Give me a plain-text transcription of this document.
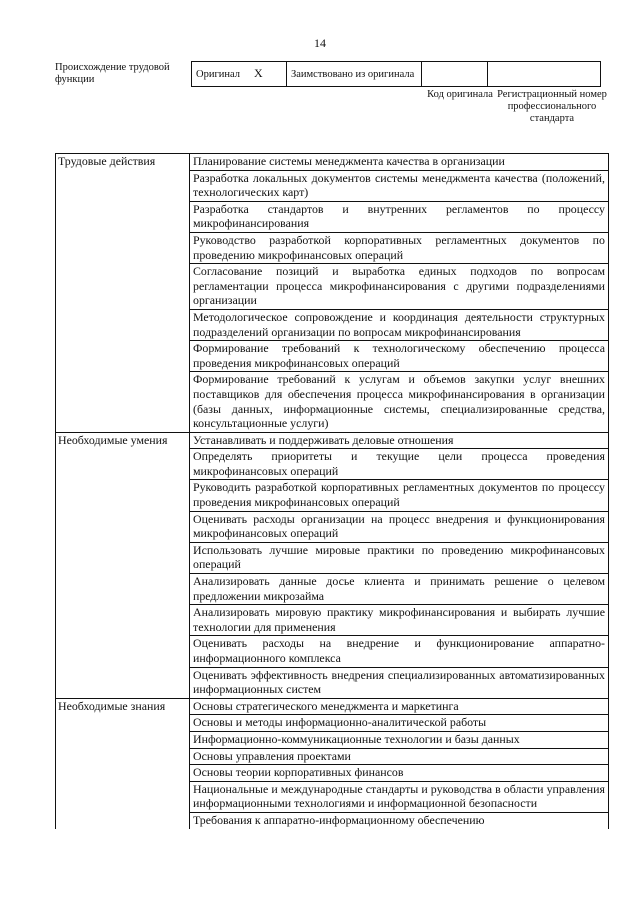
14
Происхождение трудовой функции	Оригинал X	Заимствовано из оригинала		
Код оригинала Регистрационный номер профессионального стандарта
Трудовые действия	Планирование системы менеджмента качества в организации
	Разработка локальных документов системы менеджмента качества (положений, технологических карт)
	Разработка стандартов и внутренних регламентов по процессу микрофинансирования
	Руководство разработкой корпоративных регламентных документов по проведению микрофинансовых операций
	Согласование позиций и выработка единых подходов по вопросам регламентации процесса микрофинансирования с другими подразделениями организации
	Методологическое сопровождение и координация деятельности структурных подразделений организации по вопросам микрофинансирования
	Формирование требований к технологическому обеспечению процесса проведения микрофинансовых операций
	Формирование требований к услугам и объемов закупки услуг внешних поставщиков для обеспечения процесса микрофинансирования в организации (базы данных, информационные системы, специализированные средства, консультационные услуги)
Необходимые умения	Устанавливать и поддерживать деловые отношения
	Определять приоритеты и текущие цели процесса проведения микрофинансовых операций
	Руководить разработкой корпоративных регламентных документов по процессу проведения микрофинансовых операций
	Оценивать расходы организации на процесс внедрения и функционирования микрофинансовых операций
	Использовать лучшие мировые практики по проведению микрофинансовых операций
	Анализировать данные досье клиента и принимать решение о целевом предложении микрозайма
	Анализировать мировую практику микрофинансирования и выбирать лучшие технологии для применения
	Оценивать расходы на внедрение и функционирование аппаратно-информационного комплекса
	Оценивать эффективность внедрения специализированных автоматизированных информационных систем
Необходимые знания	Основы стратегического менеджмента и маркетинга
	Основы и методы информационно-аналитической работы
	Информационно-коммуникационные технологии и базы данных
	Основы управления проектами
	Основы теории корпоративных финансов
	Национальные и международные стандарты и руководства в области управления информационными технологиями и информационной безопасности
	Требования к аппаратно-информационному обеспечению
